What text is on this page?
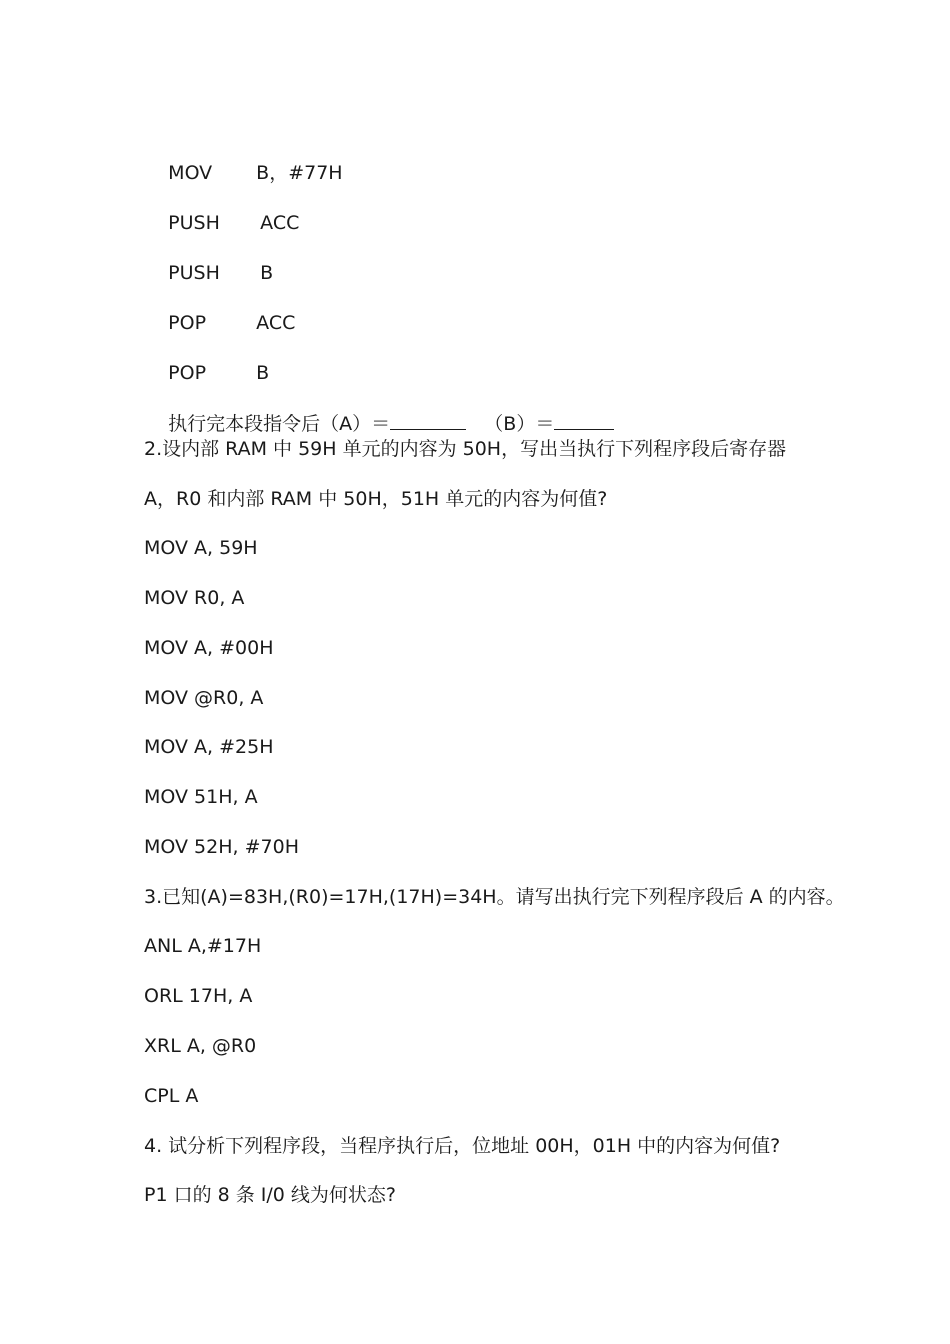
MOV B，#77H

PUSH ACC

PUSH B

POP	ACC

POP	B

执行完本段指令后（A）＝	（B）＝

2.设内部 RAM 中 59H 单元的内容为 50H，写出当执行下列程序段后寄存器
A，R0 和内部 RAM 中 50H，51H 单元的内容为何值?
MOV A, 59H
MOV R0, A
MOV A, #00H
MOV @R0, A
MOV A, #25H
MOV 51H, A
MOV 52H, #70H
3.已知(A)=83H,(R0)=17H,(17H)=34H。请写出执行完下列程序段后 A 的内容。
ANL A,#17H
ORL 17H, A
XRL A, @R0
CPL A
4. 试分析下列程序段，当程序执行后，位地址 00H，01H 中的内容为何值?
P1 口的 8 条 I/0 线为何状态?
